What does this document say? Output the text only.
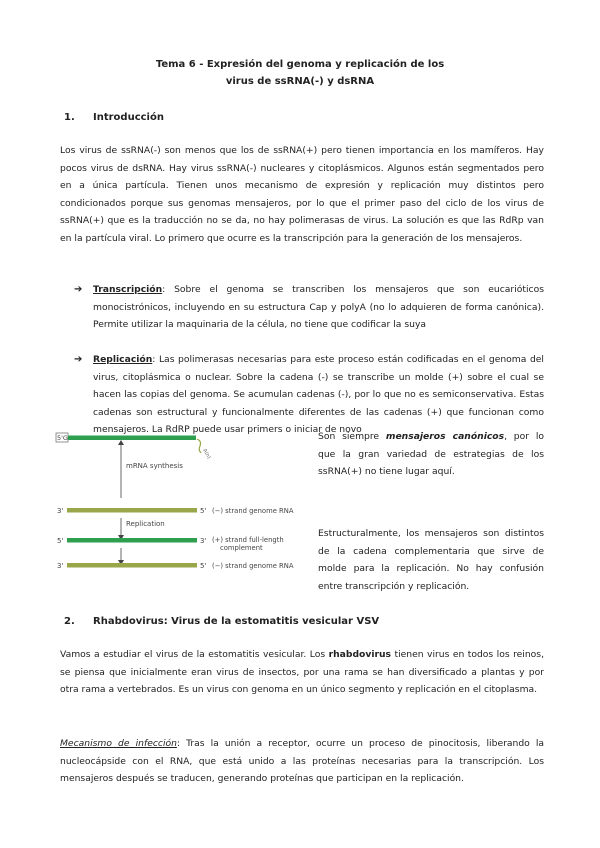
Tema 6 - Expresión del genoma y replicación de los
virus de ssRNA(-) y dsRNA
1. Introducción

Los virus de ssRNA(-) son menos que los de ssRNA(+) pero tienen importancia en los mamíferos. Hay pocos virus de dsRNA. Hay virus ssRNA(-) nucleares y citoplásmicos. Algunos están segmentados pero en a única partícula. Tienen unos mecanismo de expresión y replicación muy distintos pero condicionados porque sus genomas mensajeros, por lo que el primer paso del ciclo de los virus de ssRNA(+) que es la traducción no se da, no hay polimerasas de virus. La solución es que las RdRp van en la partícula viral. Lo primero que ocurre es la transcripción para la generación de los mensajeros.

➔ Transcripción: Sobre el genoma se transcriben los mensajeros que son eucarióticos monocistrónicos, incluyendo en su estructura Cap y polyA (no lo adquieren de forma canónica). Permite utilizar la maquinaria de la célula, no tiene que codificar la suya
➔ Replicación: Las polimerasas necesarias para este proceso están codificadas en el genoma del virus, citoplásmica o nuclear. Sobre la cadena (-) se transcribe un molde (+) sobre el cual se hacen las copias del genoma. Se acumulan cadenas (-), por lo que no es semiconservativa. Estas cadenas son estructural y funcionalmente diferentes de las cadenas (+) que funcionan como mensajeros. La RdRP puede usar primers o iniciar de novo
5'G
A(n)
mRNA synthesis
3'	5' (−) strand genome RNA
Replication
5'	3' (+) strand full-length
complement
3'	5' (−) strand genome RNA

Son siempre mensajeros canónicos, por lo que la gran variedad de estrategias de los ssRNA(+) no tiene lugar aquí.

Estructuralmente, los mensajeros son distintos de la cadena complementaria que sirve de molde para la replicación. No hay confusión entre transcripción y replicación.

2. Rhabdovirus: Virus de la estomatitis vesicular VSV

Vamos a estudiar el virus de la estomatitis vesicular. Los rhabdovirus tienen virus en todos los reinos, se piensa que inicialmente eran virus de insectos, por una rama se han diversificado a plantas y por otra rama a vertebrados. Es un virus con genoma en un único segmento y replicación en el citoplasma.

Mecanismo de infección: Tras la unión a receptor, ocurre un proceso de pinocitosis, liberando la nucleocápside con el RNA, que está unido a las proteínas necesarias para la transcripción. Los mensajeros después se traducen, generando proteínas que participan en la replicación.
